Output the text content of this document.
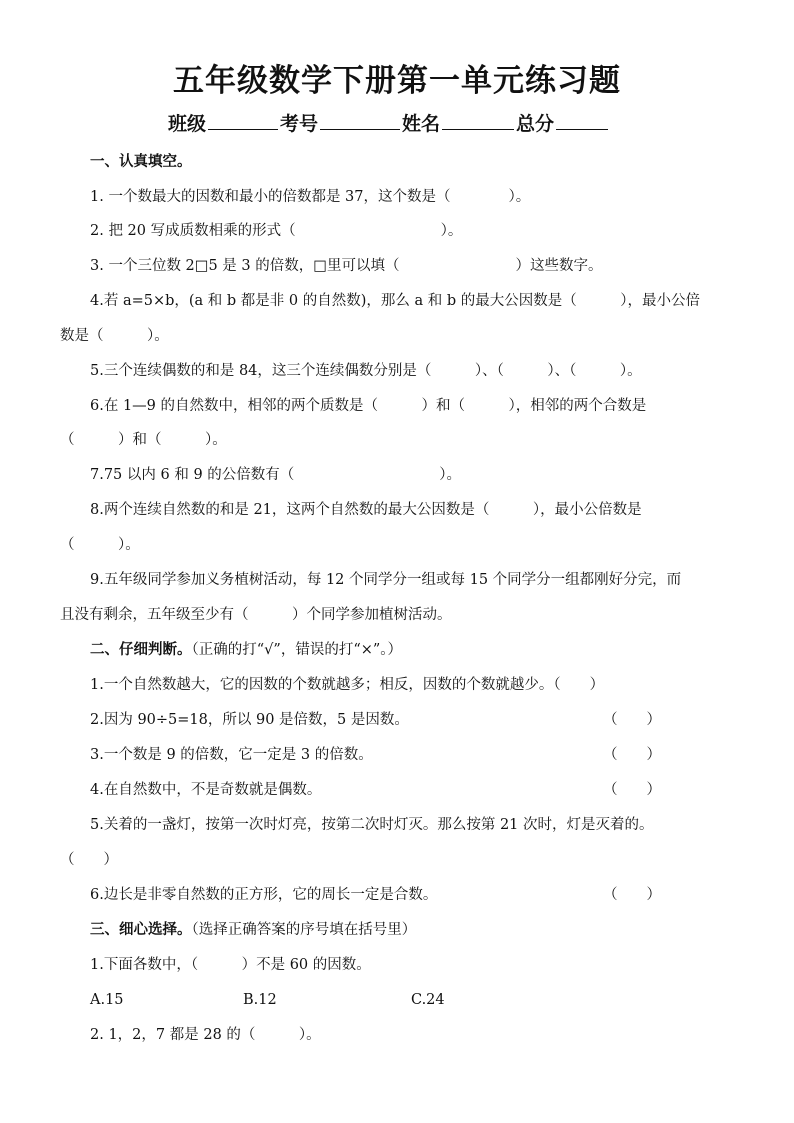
五年级数学下册第一单元练习题
班级	考号	姓名	总分
一、认真填空。
1. 一个数最大的因数和最小的倍数都是 37，这个数是（　　　　）。
2. 把 20 写成质数相乘的形式（　　　　　　　　　　）。
3. 一个三位数 2□5 是 3 的倍数，□里可以填（　　　　　　　　）这些数字。
4.若 a=5×b，(a 和 b 都是非 0 的自然数)，那么 a 和 b 的最大公因数是（　　　），最小公倍
数是（　　　）。
5.三个连续偶数的和是 84，这三个连续偶数分别是（　　　）、（　　　）、（　　　）。
6.在 1—9 的自然数中，相邻的两个质数是（　　　）和（　　　），相邻的两个合数是
（　　　）和（　　　）。
7.75 以内 6 和 9 的公倍数有（　　　　　　　　　　）。
8.两个连续自然数的和是 21，这两个自然数的最大公因数是（　　　），最小公倍数是
（　　　）。
9.五年级同学参加义务植树活动，每 12 个同学分一组或每 15 个同学分一组都刚好分完，而
且没有剩余，五年级至少有（　　　）个同学参加植树活动。
二、仔细判断。（正确的打“√”，错误的打“×”。）
1.一个自然数越大，它的因数的个数就越多；相反，因数的个数就越少。（　　）
2.因为 90÷5=18，所以 90 是倍数，5 是因数。	（　　）
3.一个数是 9 的倍数，它一定是 3 的倍数。	（　　）
4.在自然数中，不是奇数就是偶数。	（　　）
5.关着的一盏灯，按第一次时灯亮，按第二次时灯灭。那么按第 21 次时，灯是灭着的。
（　　）
6.边长是非零自然数的正方形，它的周长一定是合数。	（　　）
三、细心选择。（选择正确答案的序号填在括号里）
1.下面各数中，（　　　）不是 60 的因数。
A.15	B.12	C.24
2. 1，2，7 都是 28 的（　　　）。
